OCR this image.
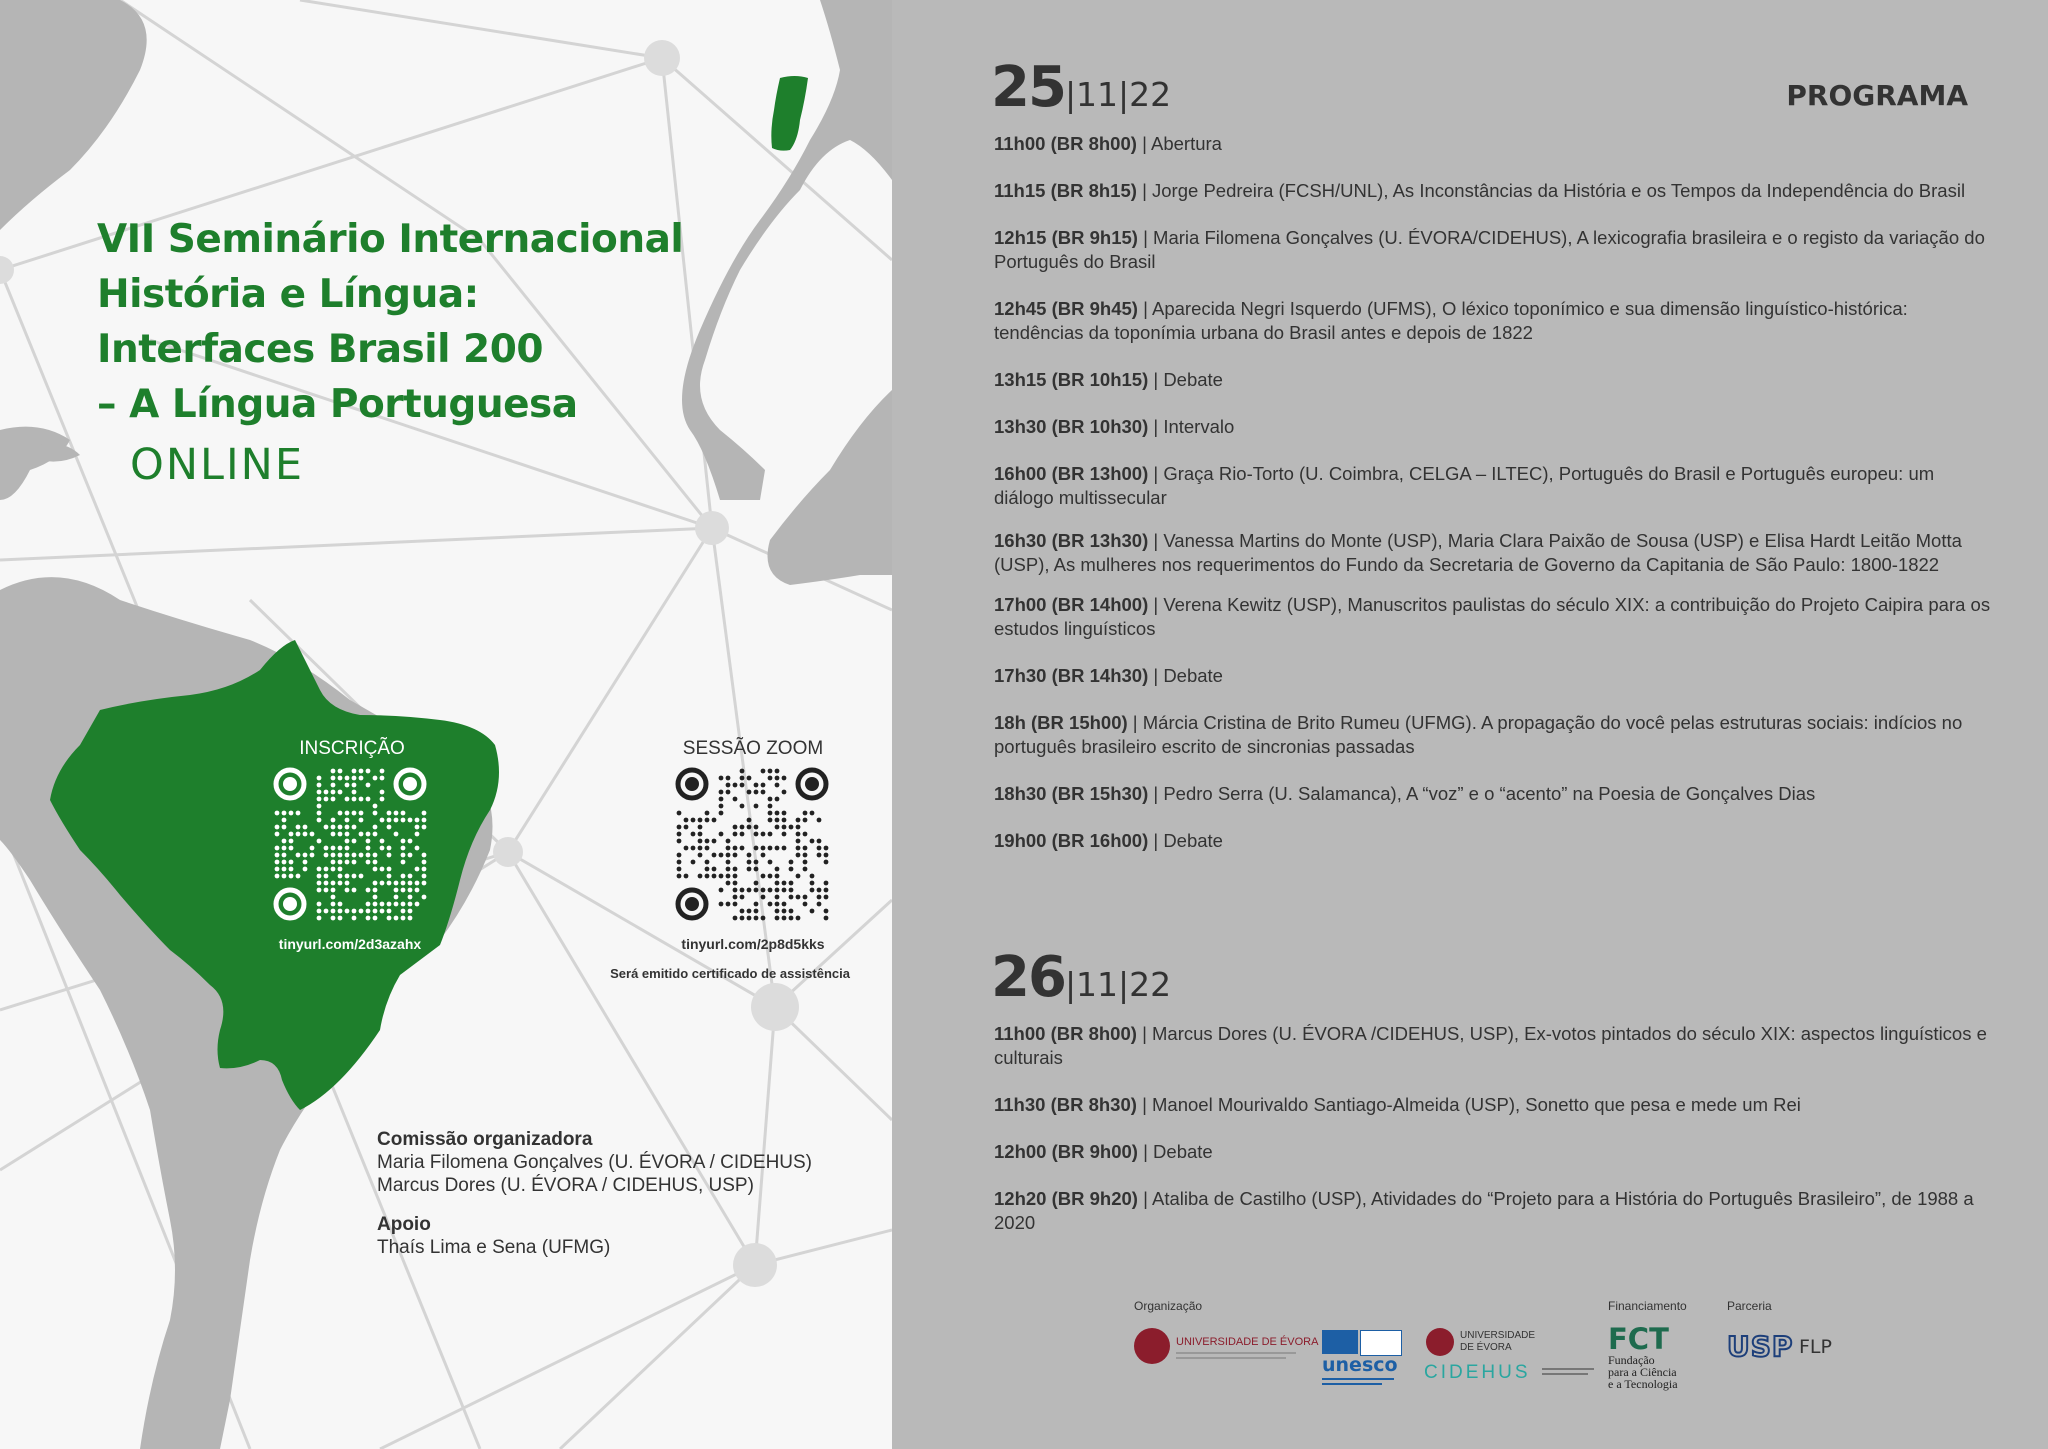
VII Seminário Internacional
História e Língua:
Interfaces Brasil 200
– A Língua Portuguesa
ONLINE
INSCRIÇÃO
tinyurl.com/2d3azahx
SESSÃO ZOOM
tinyurl.com/2p8d5kks
Será emitido certificado de assistência
Comissão organizadora
Maria Filomena Gonçalves (U. ÉVORA / CIDEHUS)
Marcus Dores (U. ÉVORA / CIDEHUS, USP)
Apoio
Thaís Lima e Sena (UFMG)
25|11|22	PROGRAMA
11h00 (BR 8h00) | Abertura
11h15 (BR 8h15) | Jorge Pedreira (FCSH/UNL), As Inconstâncias da História e os Tempos da Independência do Brasil
12h15 (BR 9h15) | Maria Filomena Gonçalves (U. ÉVORA/CIDEHUS), A lexicografia brasileira e o registo da variação do Português do Brasil
12h45 (BR 9h45) | Aparecida Negri Isquerdo (UFMS), O léxico toponímico e sua dimensão linguístico-histórica: tendências da toponímia urbana do Brasil antes e depois de 1822
13h15 (BR 10h15) | Debate
13h30 (BR 10h30) | Intervalo
16h00 (BR 13h00) | Graça Rio-Torto (U. Coimbra, CELGA – ILTEC), Português do Brasil e Português europeu: um diálogo multissecular
16h30 (BR 13h30) | Vanessa Martins do Monte (USP), Maria Clara Paixão de Sousa (USP) e Elisa Hardt Leitão Motta (USP), As mulheres nos requerimentos do Fundo da Secretaria de Governo da Capitania de São Paulo: 1800-1822
17h00 (BR 14h00) | Verena Kewitz (USP), Manuscritos paulistas do século XIX: a contribuição do Projeto Caipira para os estudos linguísticos
17h30 (BR 14h30) | Debate
18h (BR 15h00) | Márcia Cristina de Brito Rumeu (UFMG). A propagação do você pelas estruturas sociais: indícios no português brasileiro escrito de sincronias passadas
18h30 (BR 15h30) | Pedro Serra (U. Salamanca), A “voz” e o “acento” na Poesia de Gonçalves Dias
19h00 (BR 16h00) | Debate
26|11|22
11h00 (BR 8h00) | Marcus Dores (U. ÉVORA /CIDEHUS, USP), Ex-votos pintados do século XIX: aspectos linguísticos e culturais
11h30 (BR 8h30) | Manoel Mourivaldo Santiago-Almeida (USP), Sonetto que pesa e mede um Rei
12h00 (BR 9h00) | Debate
12h20 (BR 9h20) | Ataliba de Castilho (USP), Atividades do “Projeto para a História do Português Brasileiro”, de 1988 a 2020
Organização	Financiamento	Parceria
UNIVERSIDADE DE ÉVORA
unesco
UNIVERSIDADE
DE ÉVORA
CIDEHUS
FCT
Fundação
para a Ciência
e a Tecnologia
USP FLP
